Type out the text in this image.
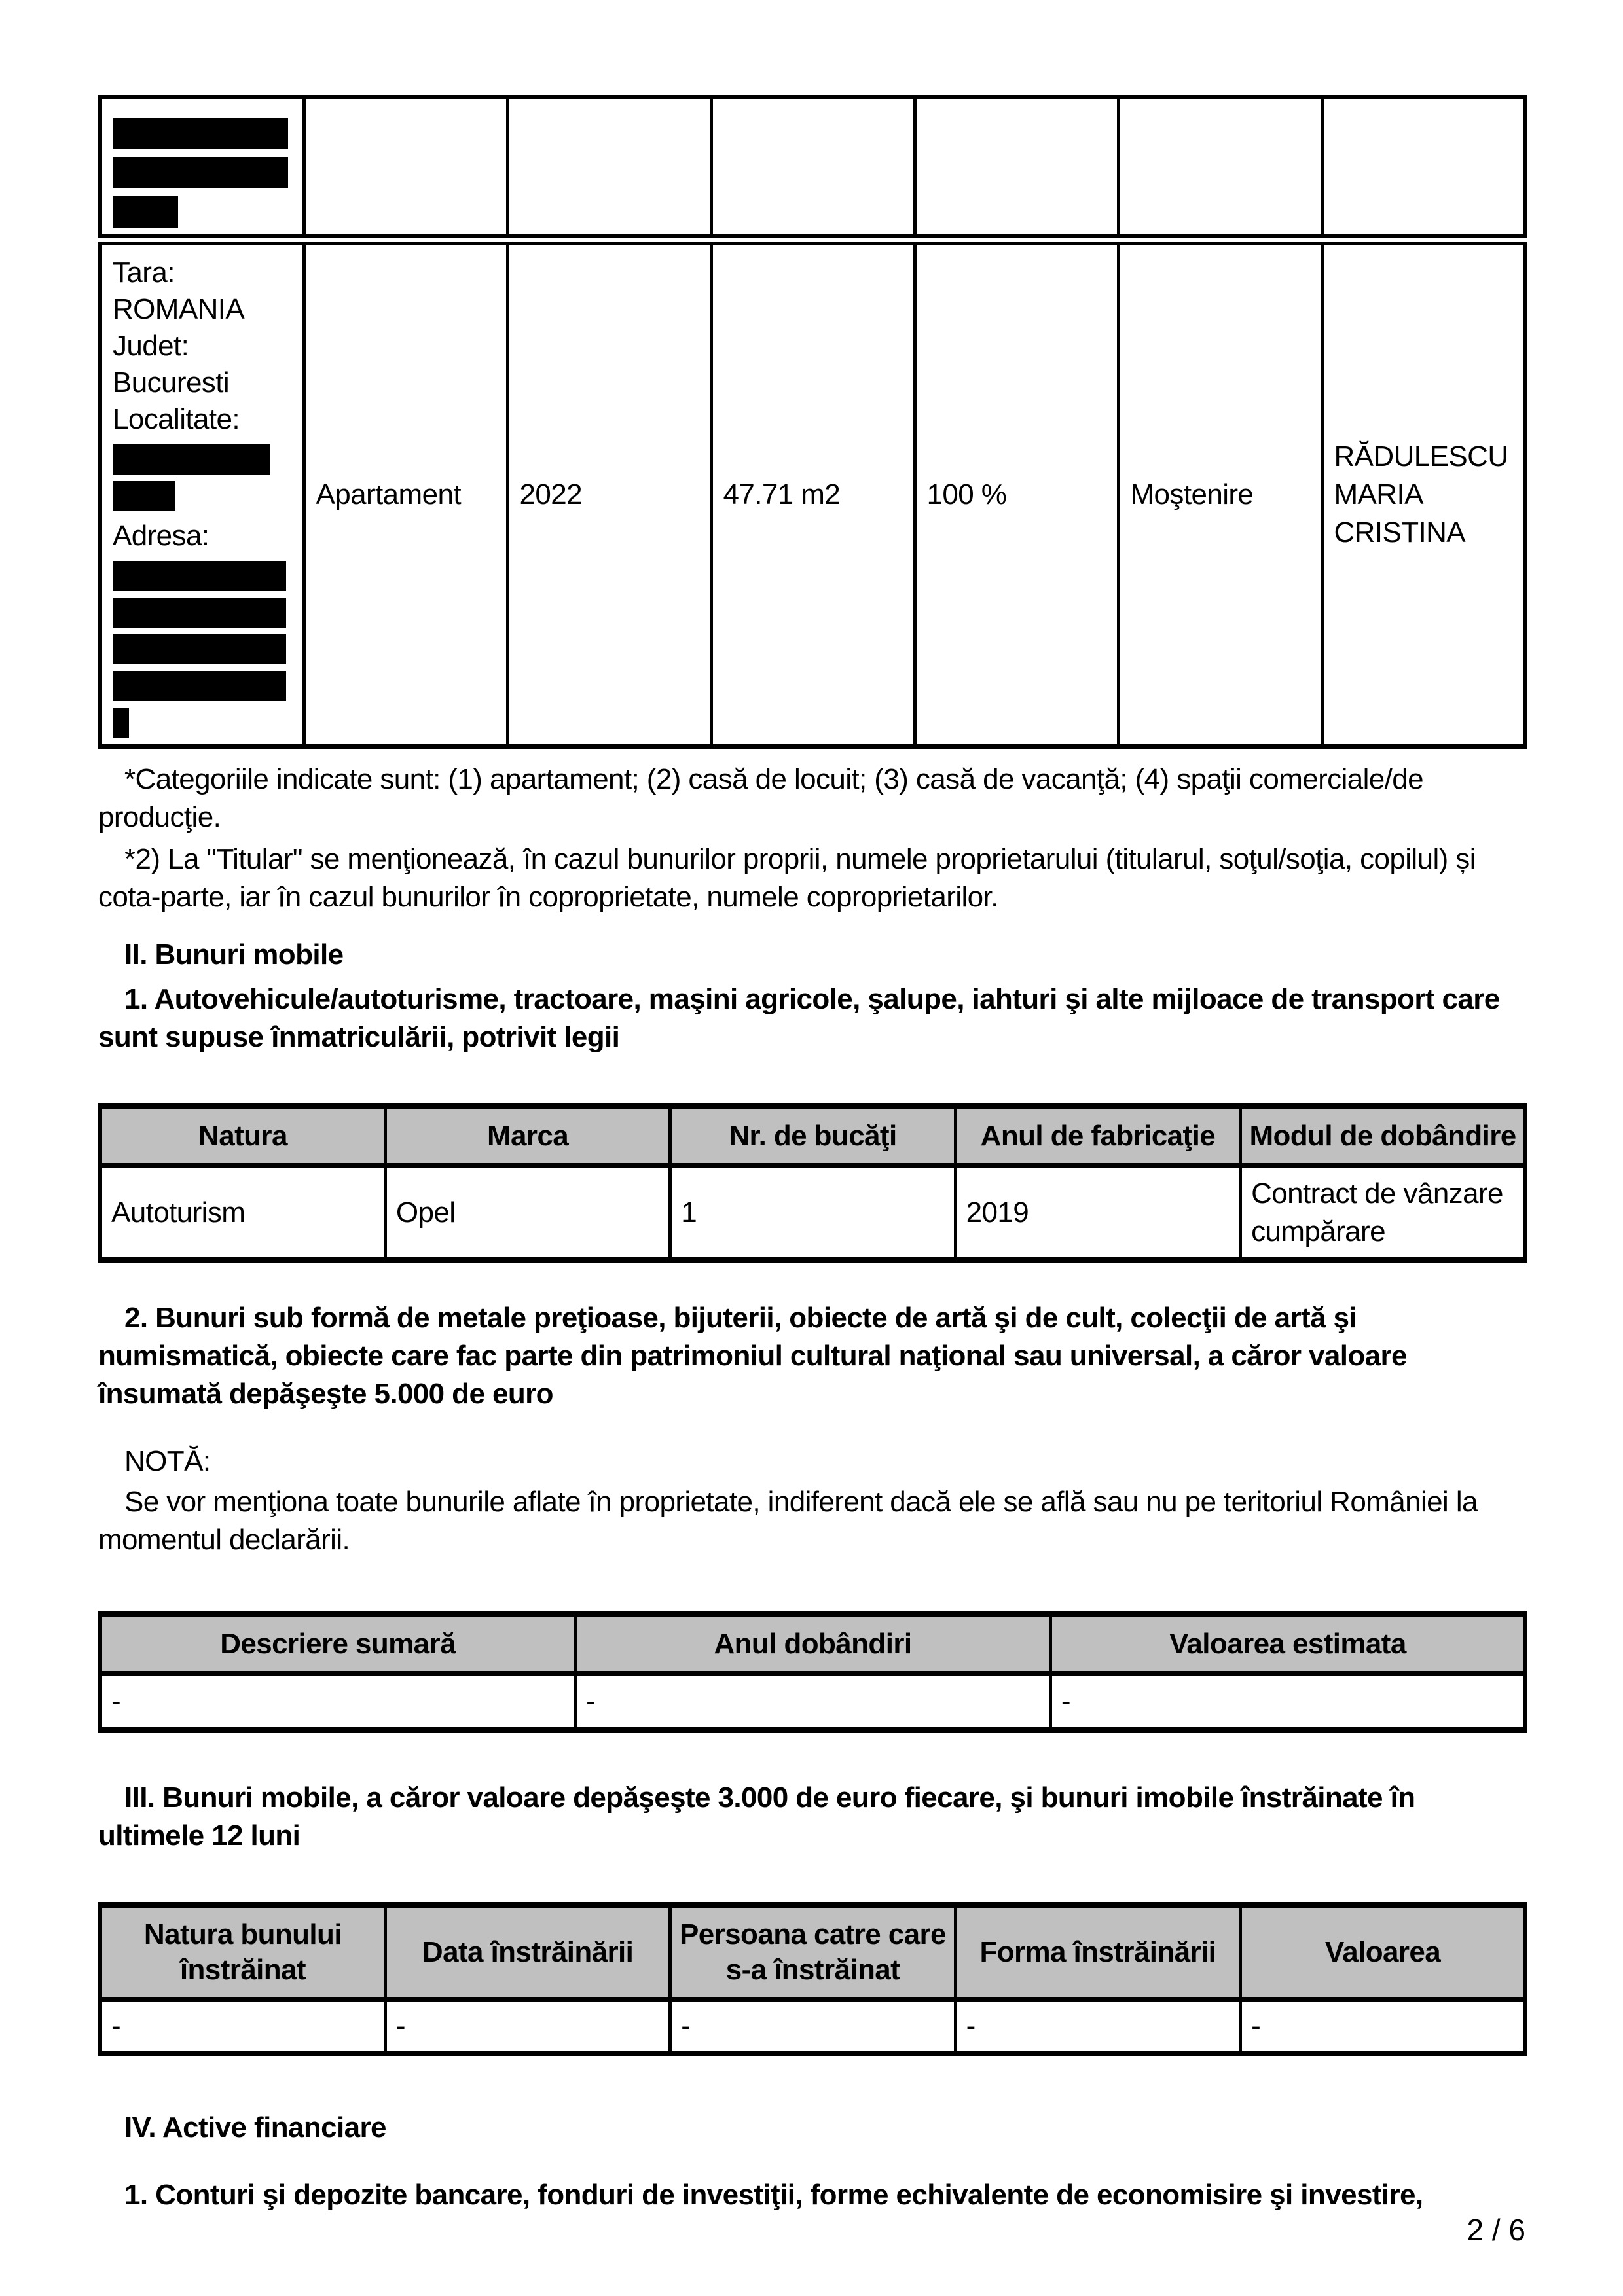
Tara:
ROMANIA
Judet:
Bucuresti
Localitate:
Adresa:
	Apartament	2022	47.71 m2	100 %	Moştenire	RĂDULESCU MARIA CRISTINA

*Categoriile indicate sunt: (1) apartament; (2) casă de locuit; (3) casă de vacanţă; (4) spaţii comerciale/de producţie.

*2) La "Titular" se menţionează, în cazul bunurilor proprii, numele proprietarului (titularul, soţul/soţia, copilul) și cota-parte, iar în cazul bunurilor în coproprietate, numele coproprietarilor.

II. Bunuri mobile

1. Autovehicule/autoturisme, tractoare, maşini agricole, şalupe, iahturi şi alte mijloace de transport care sunt supuse înmatriculării, potrivit legii

Natura	Marca	Nr. de bucăţi	Anul de fabricaţie	Modul de dobândire
Autoturism	Opel	1	2019	Contract de vânzare cumpărare

2. Bunuri sub formă de metale preţioase, bijuterii, obiecte de artă şi de cult, colecţii de artă şi numismatică, obiecte care fac parte din patrimoniul cultural naţional sau universal, a căror valoare însumată depăşeşte 5.000 de euro

NOTĂ:

Se vor menţiona toate bunurile aflate în proprietate, indiferent dacă ele se află sau nu pe teritoriul României la momentul declarării.

Descriere sumară	Anul dobândiri	Valoarea estimata
-	-	-

III. Bunuri mobile, a căror valoare depăşeşte 3.000 de euro fiecare, şi bunuri imobile înstrăinate în ultimele 12 luni

Natura bunului înstrăinat	Data înstrăinării	Persoana catre care s-a înstrăinat	Forma înstrăinării	Valoarea
-	-	-	-	-

IV. Active financiare

1. Conturi şi depozite bancare, fonduri de investiţii, forme echivalente de economisire şi investire,

2 / 6
